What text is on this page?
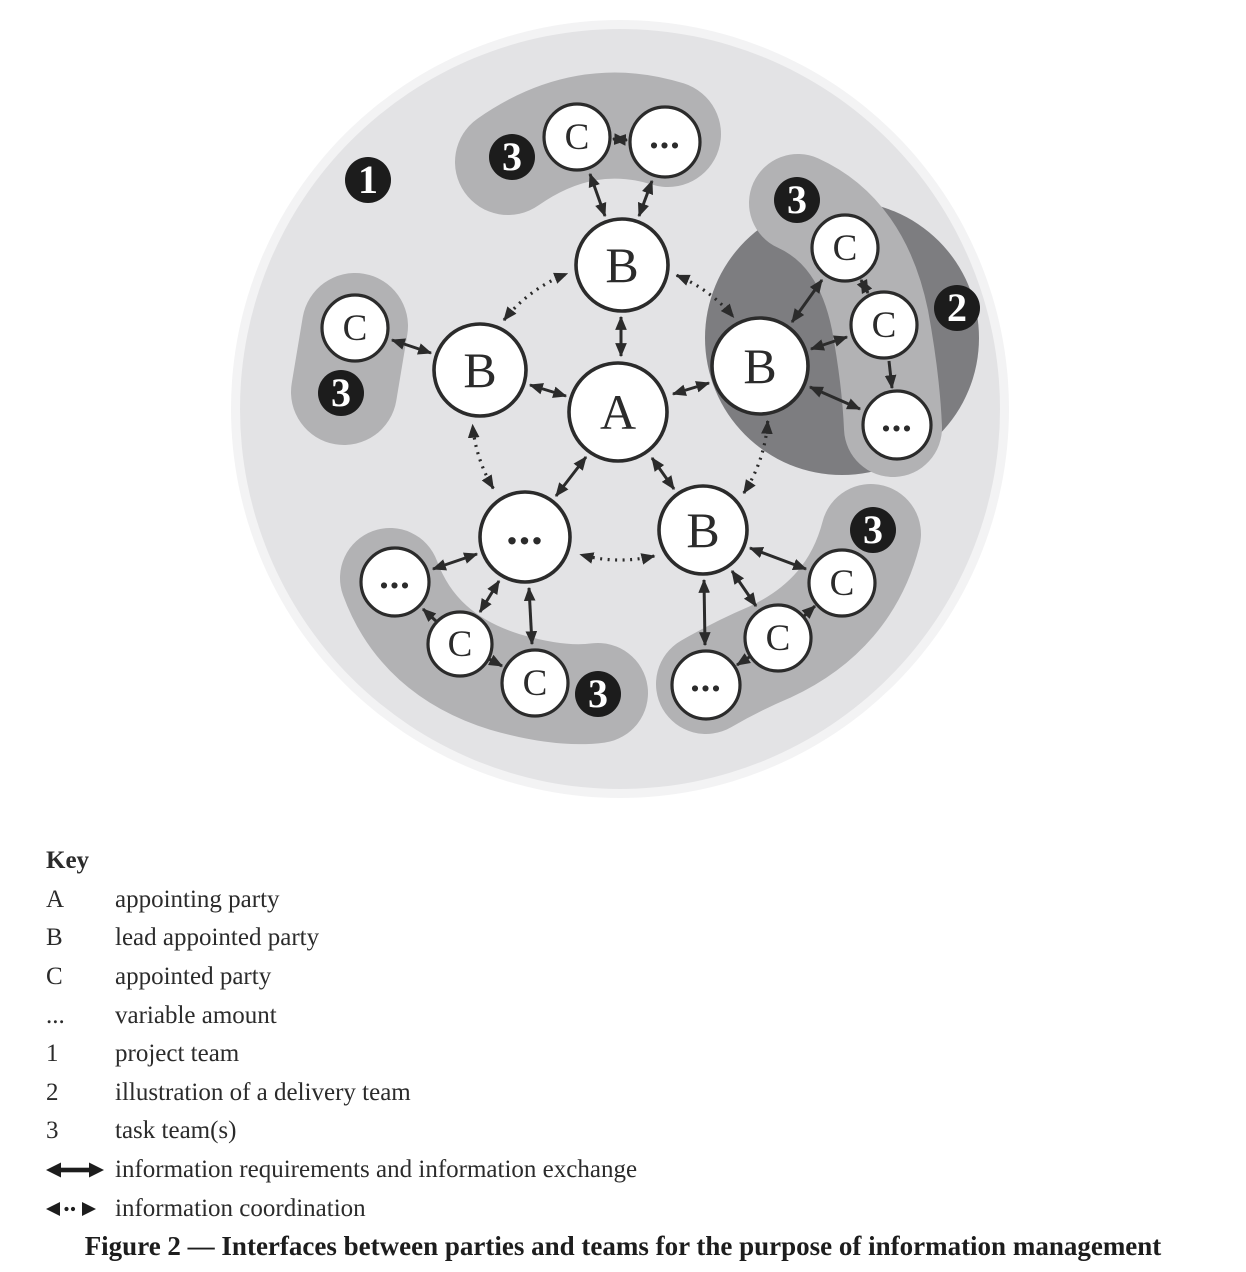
1
3
3
3
2
3
3
A
B
B	B
B
...
C ...
C
C
C
...
...
C
C
C
C
...
Key
A	appointing party
B	lead appointed party
C	appointed party
...	variable amount
1	project team
2	illustration of a delivery team
3	task team(s)
information requirements and information exchange
information coordination
Figure 2 — Interfaces between parties and teams for the purpose of information management
